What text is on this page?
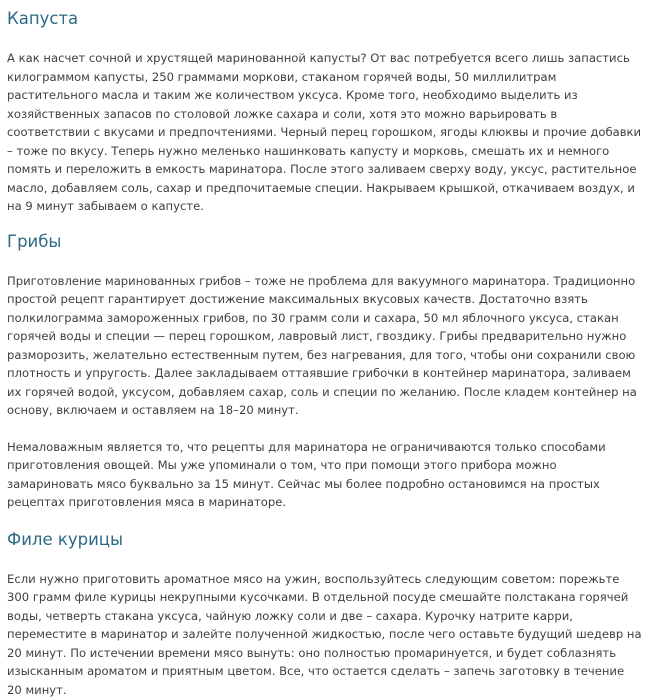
Капуста

А как насчет сочной и хрустящей маринованной капусты? От вас потребуется всего лишь запастись килограммом капусты, 250 граммами моркови, стаканом горячей воды, 50 миллилитрам растительного масла и таким же количеством уксуса. Кроме того, необходимо выделить из хозяйственных запасов по столовой ложке сахара и соли, хотя это можно варьировать в соответствии с вкусами и предпочтениями. Черный перец горошком, ягоды клюквы и прочие добавки – тоже по вкусу. Теперь нужно меленько нашинковать капусту и морковь, смешать их и немного помять и переложить в емкость маринатора. После этого заливаем сверху воду, уксус, растительное масло, добавляем соль, сахар и предпочитаемые специи. Накрываем крышкой, откачиваем воздух, и на 9 минут забываем о капусте.

Грибы

Приготовление маринованных грибов – тоже не проблема для вакуумного маринатора. Традиционно простой рецепт гарантирует достижение максимальных вкусовых качеств. Достаточно взять полкилограмма замороженных грибов, по 30 грамм соли и сахара, 50 мл яблочного уксуса, стакан горячей воды и специи — перец горошком, лавровый лист, гвоздику. Грибы предварительно нужно разморозить, желательно естественным путем, без нагревания, для того, чтобы они сохранили свою плотность и упругость. Далее закладываем оттаявшие грибочки в контейнер маринатора, заливаем их горячей водой, уксусом, добавляем сахар, соль и специи по желанию. После кладем контейнер на основу, включаем и оставляем на 18–20 минут.

Немаловажным является то, что рецепты для маринатора не ограничиваются только способами приготовления овощей. Мы уже упоминали о том, что при помощи этого прибора можно замариновать мясо буквально за 15 минут. Сейчас мы более подробно остановимся на простых рецептах приготовления мяса в маринаторе.

Филе курицы

Если нужно приготовить ароматное мясо на ужин, воспользуйтесь следующим советом: порежьте 300 грамм филе курицы некрупными кусочками. В отдельной посуде смешайте полстакана горячей воды, четверть стакана уксуса, чайную ложку соли и две – сахара. Курочку натрите карри, переместите в маринатор и залейте полученной жидкостью, после чего оставьте будущий шедевр на 20 минут. По истечении времени мясо вынуть: оно полностью промаринуется, и будет соблазнять изысканным ароматом и приятным цветом. Все, что остается сделать – запечь заготовку в течение 20 минут.
